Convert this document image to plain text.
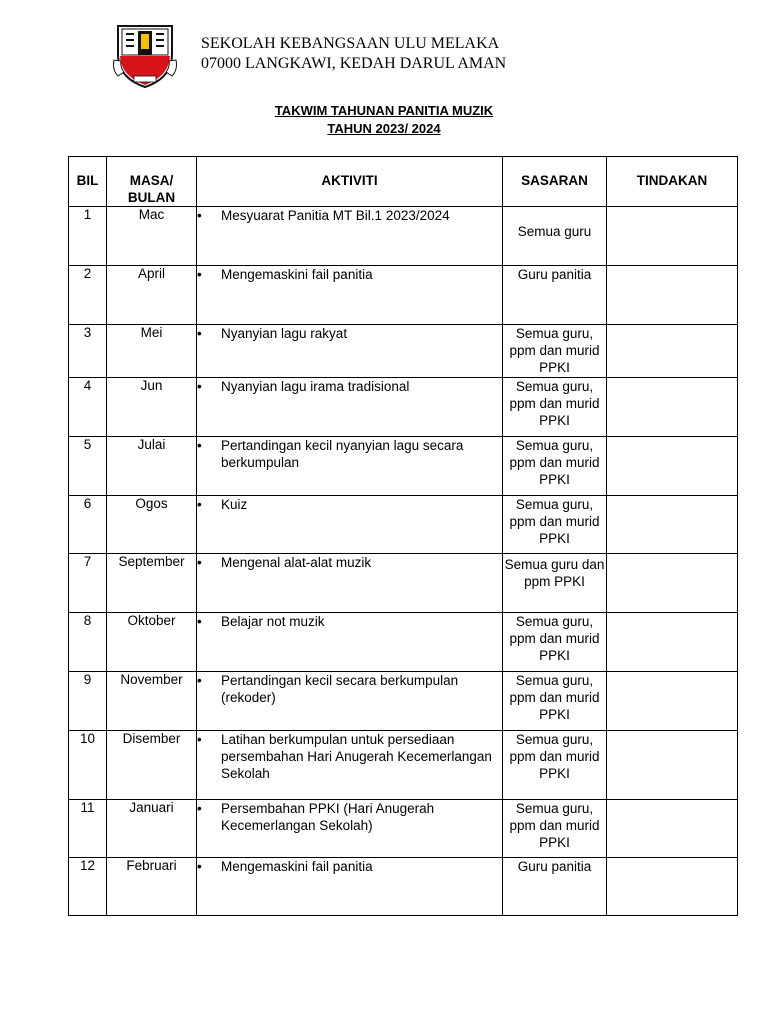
SEKOLAH KEBANGSAAN ULU MELAKA
07000 LANGKAWI, KEDAH DARUL AMAN
TAKWIM TAHUNAN PANITIA MUZIK
TAHUN 2023/ 2024
BIL	MASA/ BULAN	AKTIVITI	SASARAN	TINDAKAN
1	Mac	• Mesyuarat Panitia MT Bil.1 2023/2024	Semua guru	
2	April	• Mengemaskini fail panitia	Guru panitia	
3	Mei	• Nyanyian lagu rakyat	Semua guru, ppm dan murid PPKI	
4	Jun	• Nyanyian lagu irama tradisional	Semua guru, ppm dan murid PPKI	
5	Julai	• Pertandingan kecil nyanyian lagu secara berkumpulan	Semua guru, ppm dan murid PPKI	
6	Ogos	• Kuiz	Semua guru, ppm dan murid PPKI	
7	September	• Mengenal alat-alat muzik	Semua guru dan ppm PPKI	
8	Oktober	• Belajar not muzik	Semua guru, ppm dan murid PPKI	
9	November	• Pertandingan kecil secara berkumpulan (rekoder)	Semua guru, ppm dan murid PPKI	
10	Disember	• Latihan berkumpulan untuk persediaan persembahan Hari Anugerah Kecemerlangan Sekolah	Semua guru, ppm dan murid PPKI	
11	Januari	• Persembahan PPKI (Hari Anugerah Kecemerlangan Sekolah)	Semua guru, ppm dan murid PPKI	
12	Februari	• Mengemaskini fail panitia	Guru panitia	
